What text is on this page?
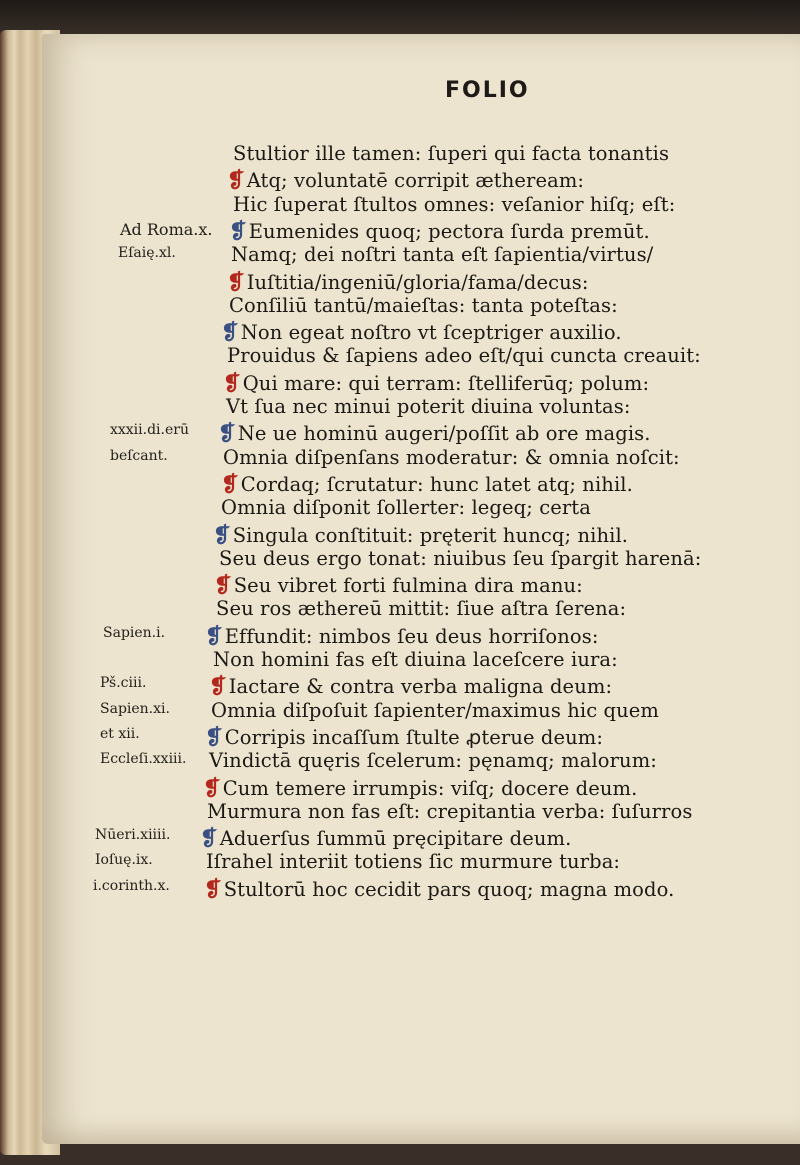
FOLIO
Stultior ille tamen: ſuperi qui facta tonantis
❡ Atq; voluntatē corripit ætheream:
Hic ſuperat ſtultos omnes: veſanior hiſq; eſt:
❡ Eumenides quoq; pectora ſurda premūt.
Namq; dei noſtri tanta eſt ſapientia/virtus/
❡ Iuſtitia/ingeniū/gloria/fama/decus:
Conſiliū tantū/maieſtas: tanta poteſtas:
❡ Non egeat noſtro vt ſceptriger auxilio.
Prouidus & ſapiens adeo eſt/qui cuncta creauit:
❡ Qui mare: qui terram: ſtelliferūq; polum:
Vt ſua nec minui poterit diuina voluntas:
❡ Ne ue hominū augeri/poſſit ab ore magis.
Omnia diſpenſans moderatur: & omnia noſcit:
❡ Cordaq; ſcrutatur: hunc latet atq; nihil.
Omnia diſponit ſollerter: legeq; certa
❡ Singula conſtituit: pręterit huncq; nihil.
Seu deus ergo tonat: niuibus ſeu ſpargit harenā:
❡ Seu vibret forti fulmina dira manu:
Seu ros æthereū mittit: ſiue aſtra ſerena:
❡ Effundit: nimbos ſeu deus horriſonos:
Non homini fas eſt diuina laceſcere iura:
❡ Iactare & contra verba maligna deum:
Omnia diſpoſuit ſapienter/maximus hic quem
❡ Corripis incaſſum ſtulte ꝓterue deum:
Vindictā quęris ſcelerum: pęnamq; malorum:
❡ Cum temere irrumpis: viſq; docere deum.
Murmura non fas eſt: crepitantia verba: ſuſurros
❡ Aduerſus ſummū pręcipitare deum.
Iſrahel interiit totiens ſic murmure turba:
❡ Stultorū hoc cecidit pars quoq; magna modo.
Ad Roma.x.
Eſaię.xl.
xxxii.di.erū
beſcant.
Sapien.i.
Pš.ciii.
Sapien.xi.
et xii.
Eccleſi.xxiii.
Nūeri.xiiii.
Ioſuę.ix.
i.corinth.x.
